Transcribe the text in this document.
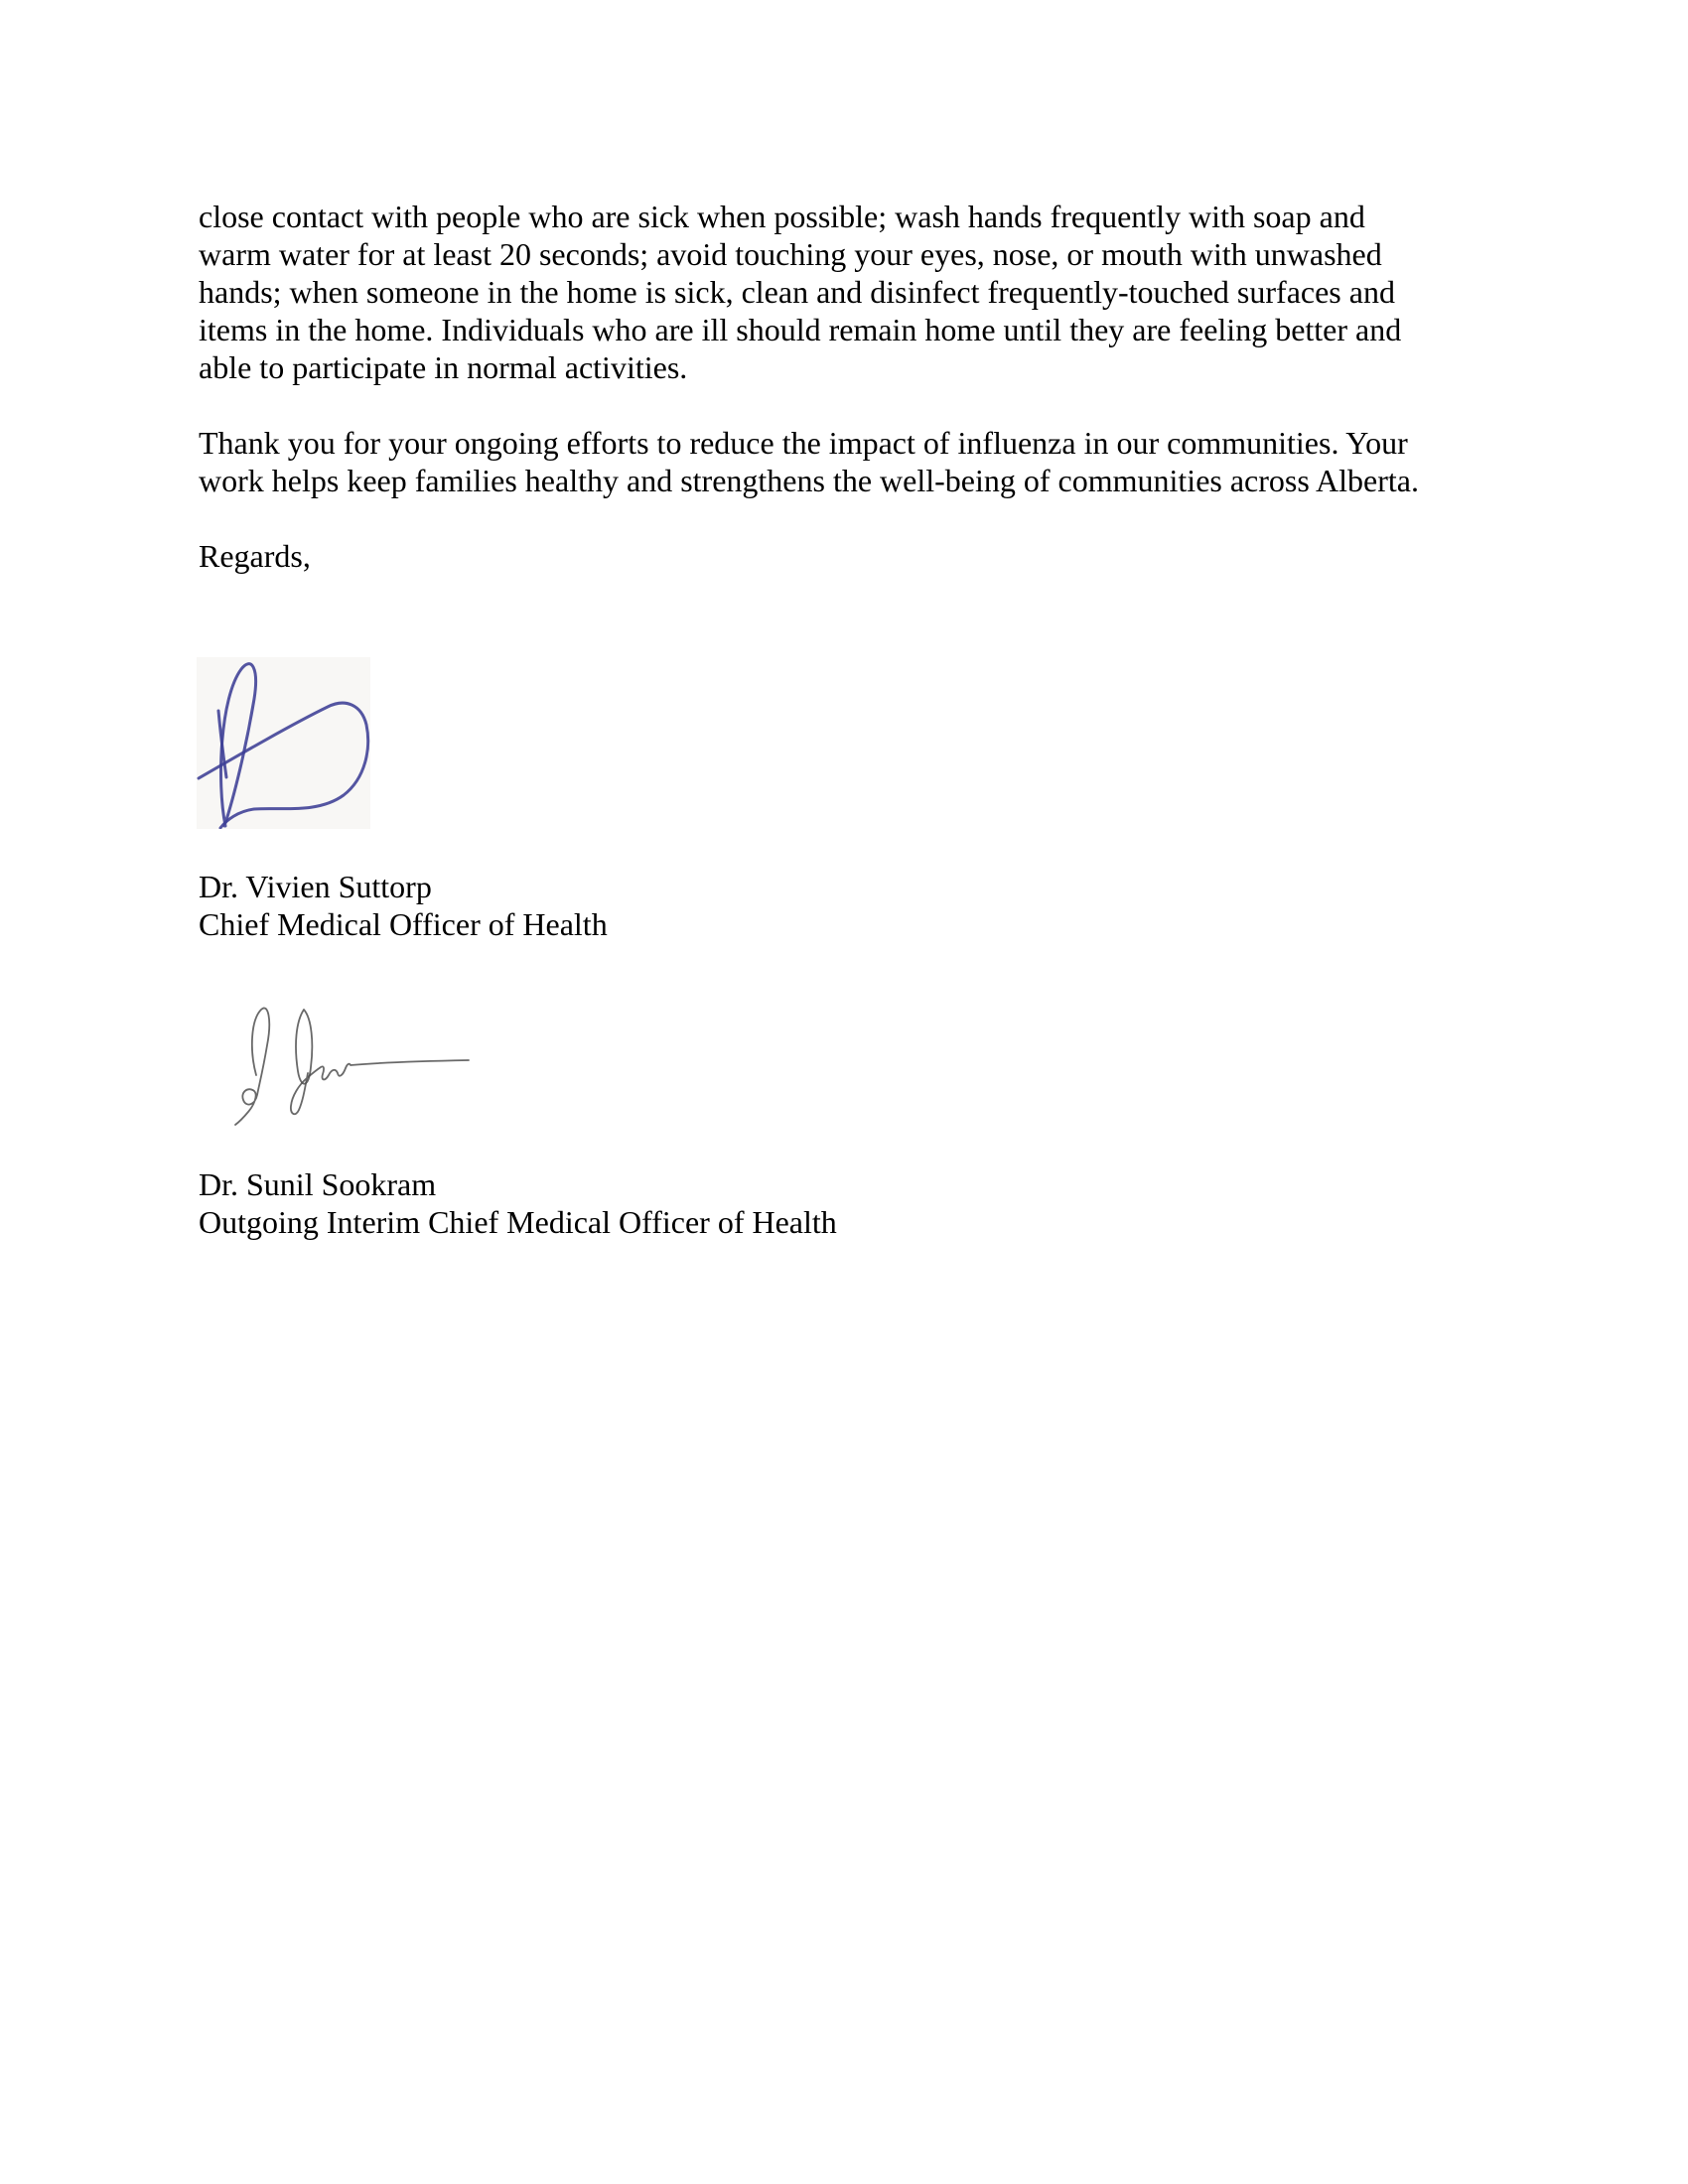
close contact with people who are sick when possible; wash hands frequently with soap and
warm water for at least 20 seconds; avoid touching your eyes, nose, or mouth with unwashed
hands; when someone in the home is sick, clean and disinfect frequently-touched surfaces and
items in the home. Individuals who are ill should remain home until they are feeling better and
able to participate in normal activities.
Thank you for your ongoing efforts to reduce the impact of influenza in our communities. Your
work helps keep families healthy and strengthens the well-being of communities across Alberta.
Regards,
Dr. Vivien Suttorp
Chief Medical Officer of Health
Dr. Sunil Sookram
Outgoing Interim Chief Medical Officer of Health
